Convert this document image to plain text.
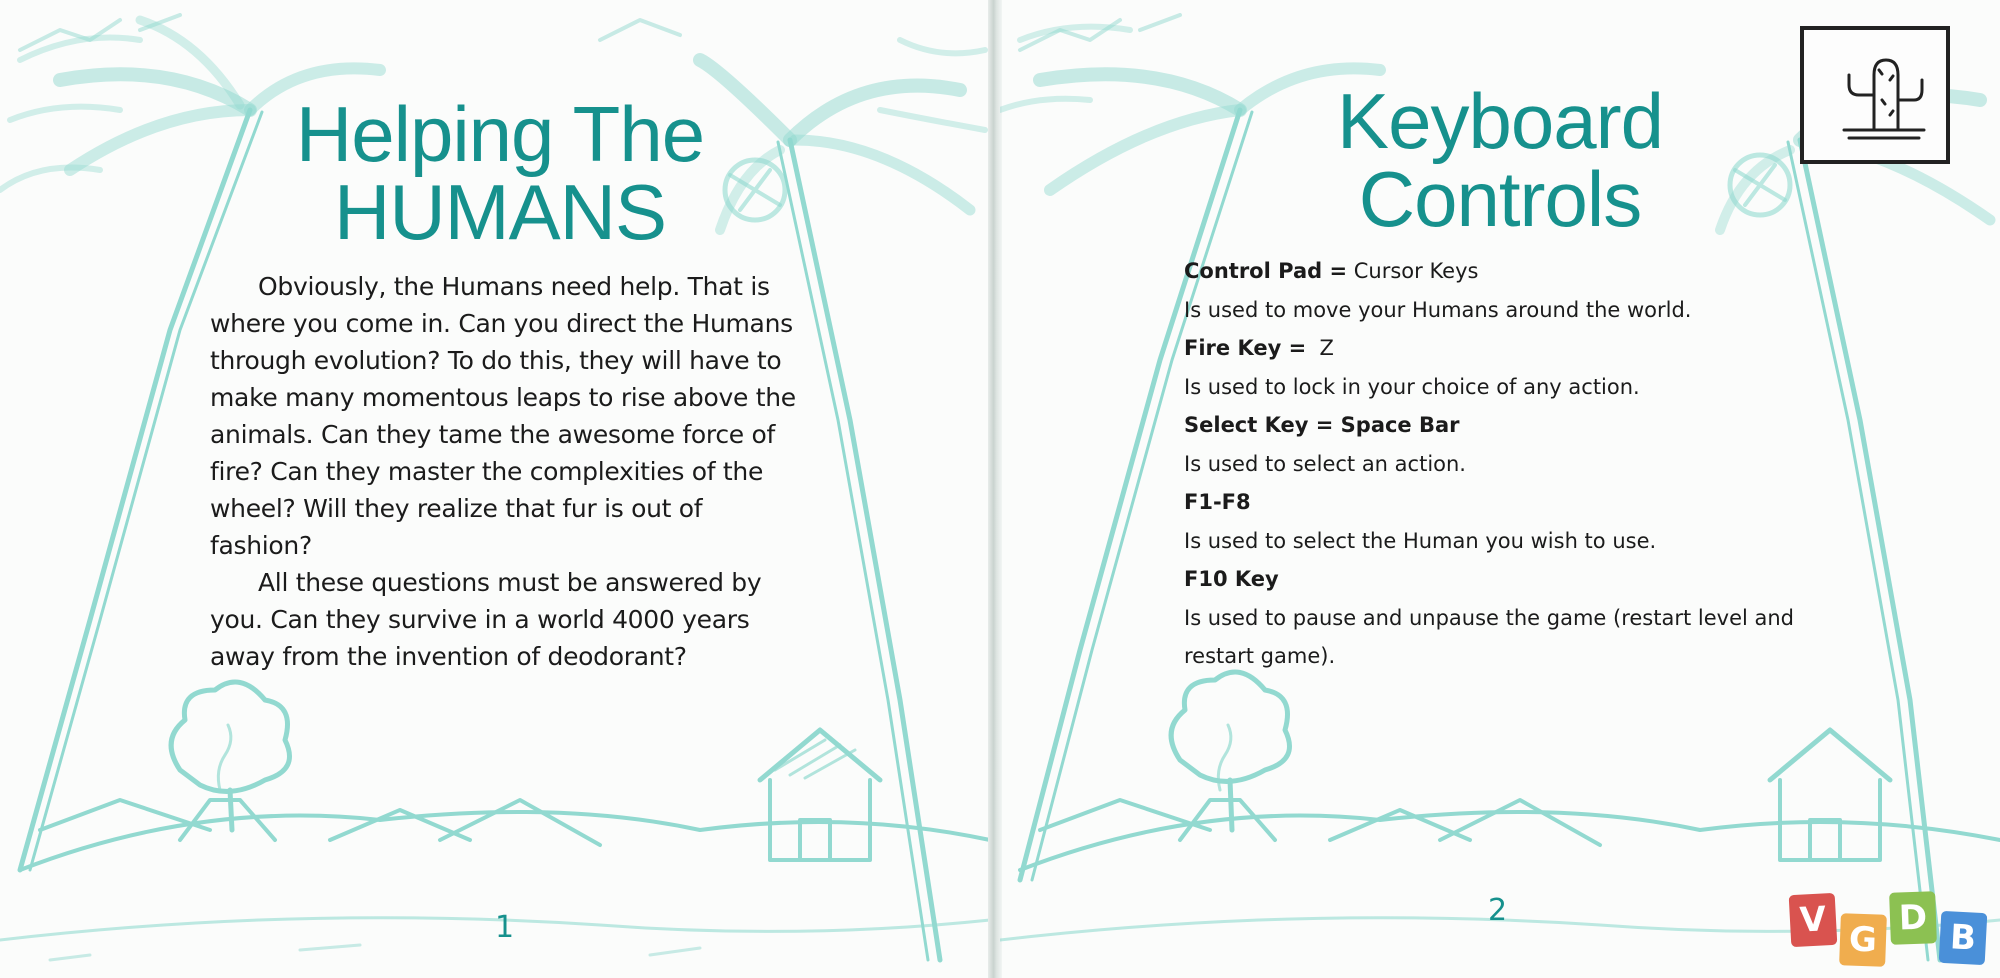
Helping The
HUMANS

Obviously, the Humans need help. That is where you come in. Can you direct the Humans through evolution? To do this, they will have to make many momentous leaps to rise above the animals. Can they tame the awesome force of fire? Can they master the complexities of the wheel? Will they realize that fur is out of fashion?

All these questions must be answered by you. Can they survive in a world 4000 years away from the invention of deodorant?

1
Keyboard
Controls
Control Pad = Cursor Keys
Is used to move your Humans around the world.
Fire Key =  Z
Is used to lock in your choice of any action.
Select Key = Space Bar
Is used to select an action.
F1-F8
Is used to select the Human you wish to use.
F10 Key
Is used to pause and unpause the game (restart level and restart game).
2	V G
D B
